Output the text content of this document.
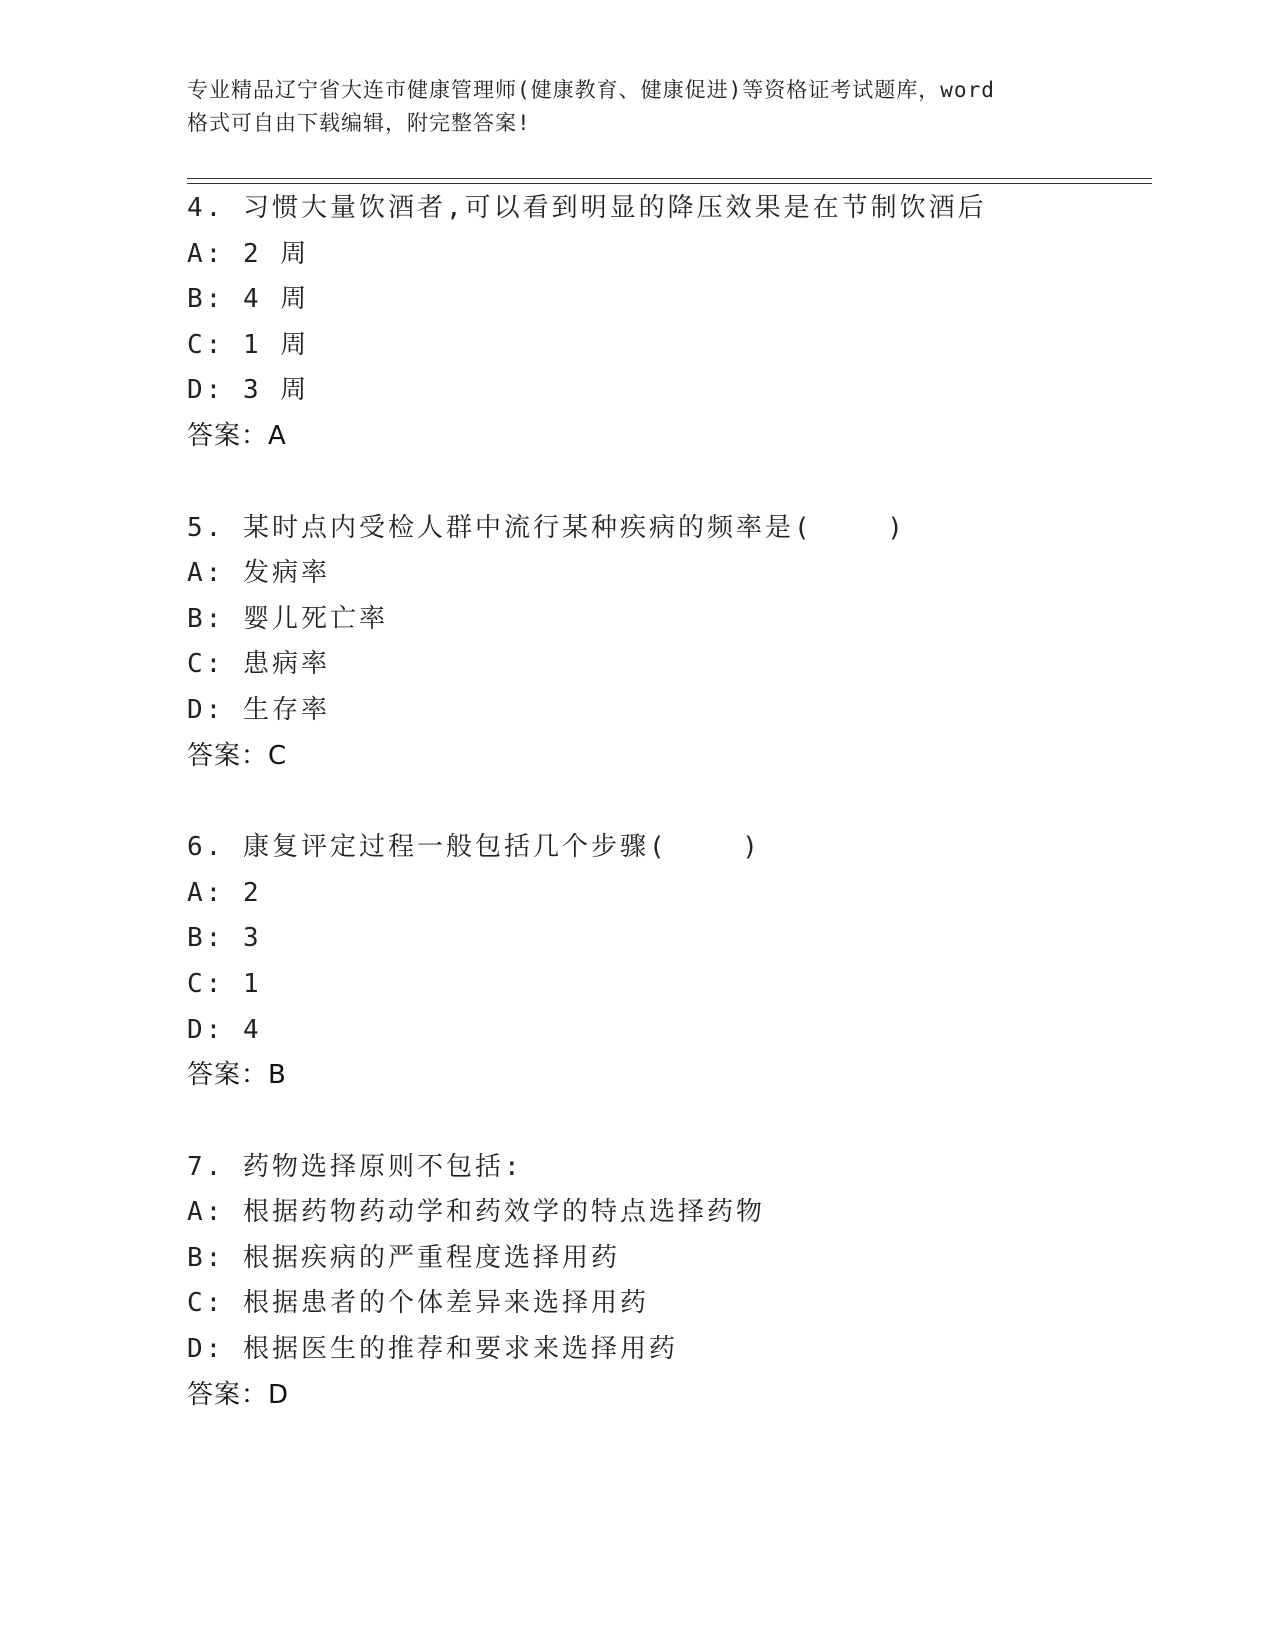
专业精品辽宁省大连市健康管理师(健康教育、健康促进)等资格证考试题库，word
格式可自由下载编辑，附完整答案!
4. 习惯大量饮酒者,可以看到明显的降压效果是在节制饮酒后
A: 2 周
B: 4 周
C: 1 周
D: 3 周
答案：A
5. 某时点内受检人群中流行某种疾病的频率是(    )
A: 发病率
B: 婴儿死亡率
C: 患病率
D: 生存率
答案：C
6. 康复评定过程一般包括几个步骤(    )
A: 2
B: 3
C: 1
D: 4
答案：B
7. 药物选择原则不包括:
A: 根据药物药动学和药效学的特点选择药物
B: 根据疾病的严重程度选择用药
C: 根据患者的个体差异来选择用药
D: 根据医生的推荐和要求来选择用药
答案：D
